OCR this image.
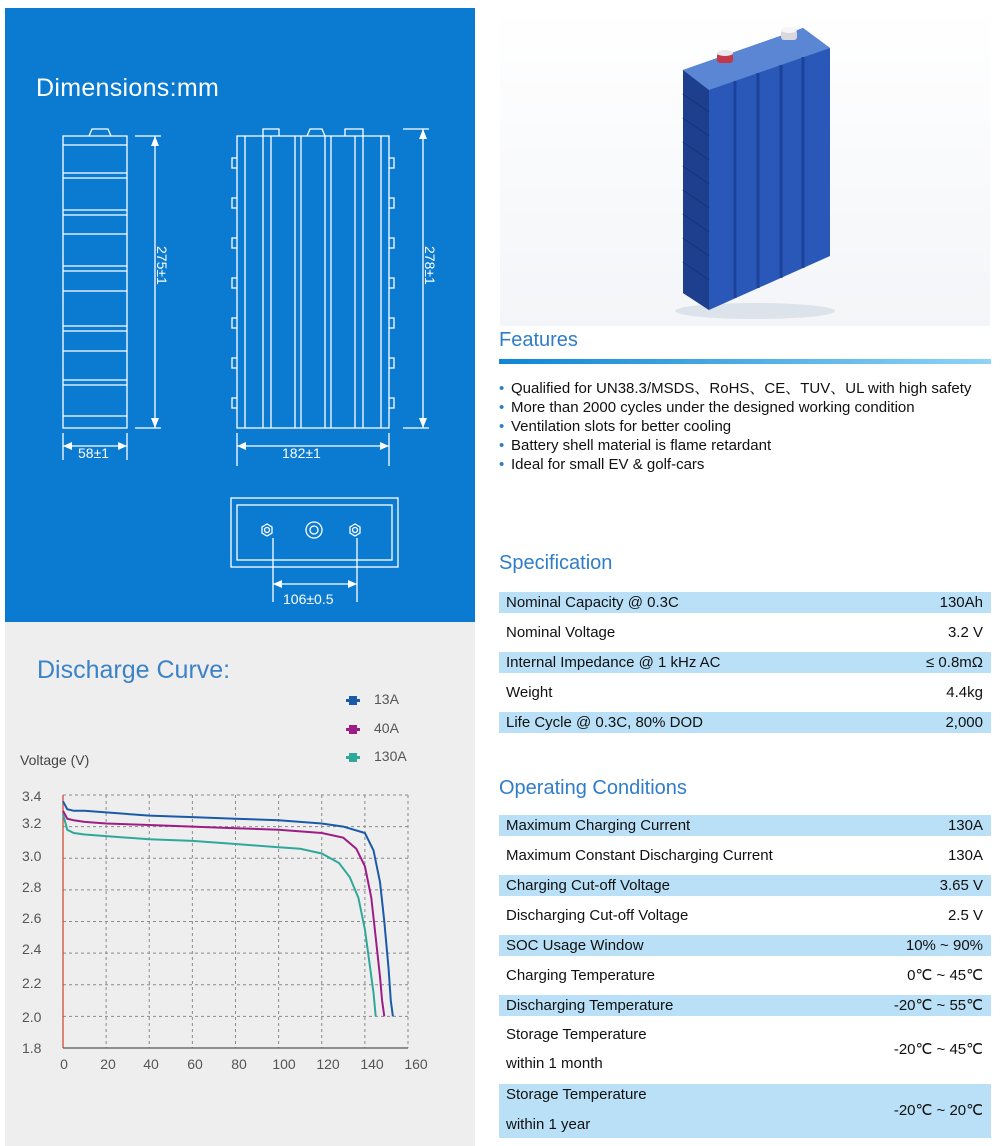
Dimensions:mm
275±1	278±1
58±1	182±1
106±0.5
Discharge Curve:
13A
40A
130A
Voltage (V)
3.4
3.2
3.0
2.8
2.6
2.4
2.2
2.0
1.8
0	20	40	60	80	100	120	140	160
Features
• Qualified for UN38.3/MSDS、RoHS、CE、TUV、UL with high safety
• More than 2000 cycles under the designed working condition
• Ventilation slots for better cooling
• Battery shell material is flame retardant
• Ideal for small EV & golf-cars
Specification
Nominal Capacity @ 0.3C	130Ah
Nominal Voltage	3.2 V
Internal Impedance @ 1 kHz AC	≤ 0.8mΩ
Weight	4.4kg
Life Cycle @ 0.3C, 80% DOD	2,000
Operating Conditions
Maximum Charging Current	130A
Maximum Constant Discharging Current	130A
Charging Cut-off Voltage	3.65 V
Discharging Cut-off Voltage	2.5 V
SOC Usage Window	10% ~ 90%
Charging Temperature	0℃ ~ 45℃
Discharging Temperature	-20℃ ~ 55℃
Storage Temperature
within 1 month
-20℃ ~ 45℃
Storage Temperature
within 1 year
-20℃ ~ 20℃
